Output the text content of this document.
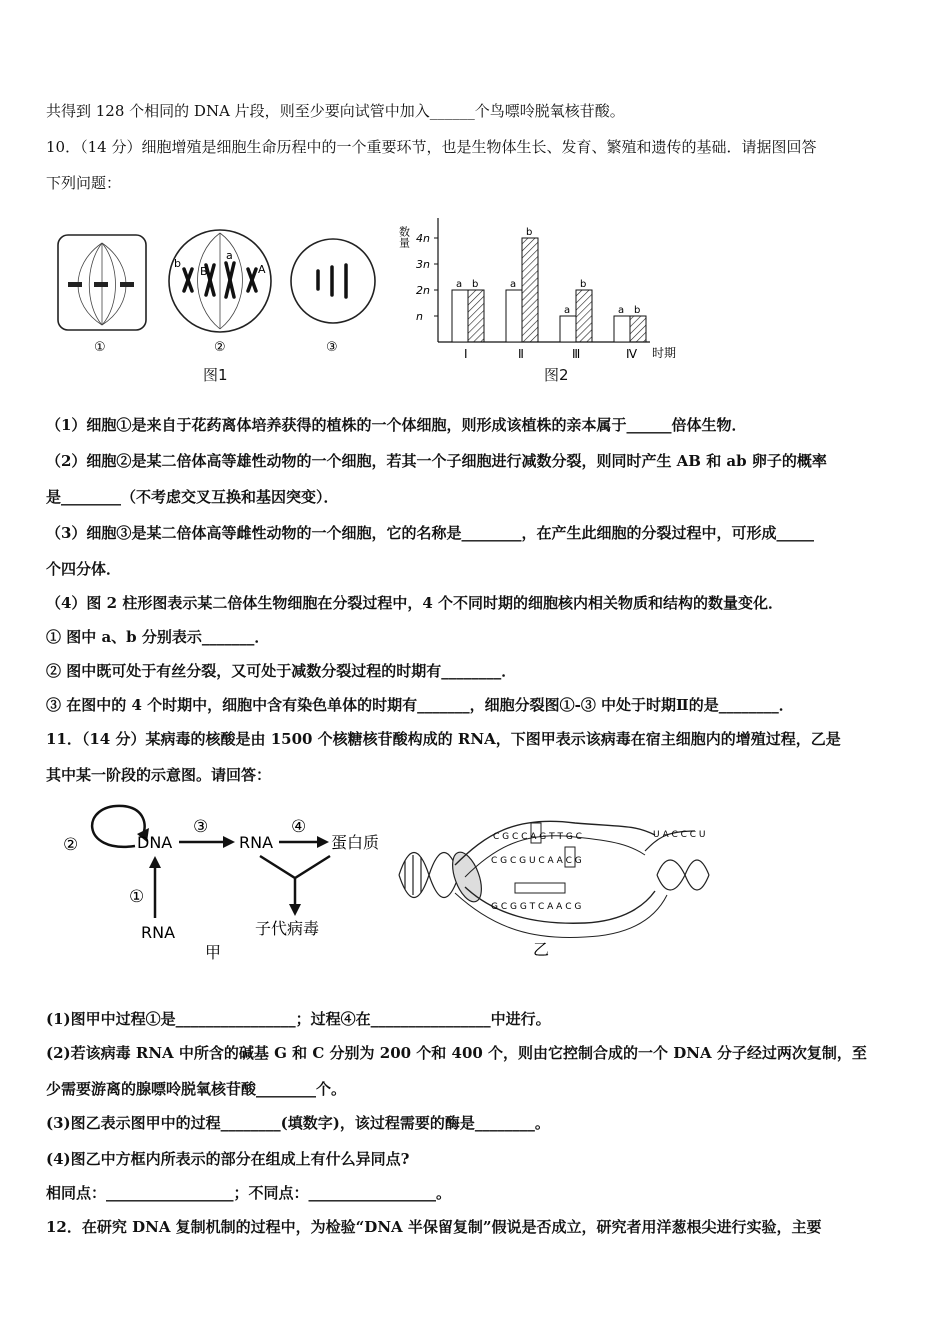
共得到 128 个相同的 DNA 片段，则至少要向试管中加入______个鸟嘌呤脱氧核苷酸。
10．（14 分）细胞增殖是细胞生命历程中的一个重要环节，也是生物体生长、发育、繁殖和遗传的基础．请据图回答
下列问题：
①
b
B
a
A
②	③
图1
数量
时期
n
2n
3n
4n
a b
Ⅰ
a
b
Ⅱ
a
b
Ⅲ
a b
Ⅳ
图2
（1）细胞①是来自于花药离体培养获得的植株的一个体细胞，则形成该植株的亲本属于______倍体生物．
（2）细胞②是某二倍体高等雄性动物的一个细胞，若其一个子细胞进行减数分裂，则同时产生 AB 和 ab 卵子的概率
是________（不考虑交叉互换和基因突变）．
（3）细胞③是某二倍体高等雌性动物的一个细胞，它的名称是________，在产生此细胞的分裂过程中，可形成_____
个四分体．
（4）图 2 柱形图表示某二倍体生物细胞在分裂过程中，4 个不同时期的细胞核内相关物质和结构的数量变化．
① 图中 a、b 分别表示_______．
② 图中既可处于有丝分裂，又可处于减数分裂过程的时期有________．
③ 在图中的 4 个时期中，细胞中含有染色单体的时期有_______，细胞分裂图①-③ 中处于时期Ⅱ的是________．
11．（14 分）某病毒的核酸是由 1500 个核糖核苷酸构成的 RNA，下图甲表示该病毒在宿主细胞内的增殖过程，乙是
其中某一阶段的示意图。请回答：
②	DNA
③
RNA
④
蛋白质
子代病毒
①
RNA
甲
U A C C C U
C G C C A G T T G C
C G C G U C A A C G
G C G G T C A A C G
乙
(1)图甲中过程①是________________；过程④在________________中进行。
(2)若该病毒 RNA 中所含的碱基 G 和 C 分别为 200 个和 400 个，则由它控制合成的一个 DNA 分子经过两次复制，至
少需要游离的腺嘌呤脱氧核苷酸________个。
(3)图乙表示图甲中的过程________(填数字)，该过程需要的酶是________。
(4)图乙中方框内所表示的部分在组成上有什么异同点?
相同点：_________________；不同点：_________________。
12．在研究 DNA 复制机制的过程中，为检验“DNA 半保留复制”假说是否成立，研究者用洋葱根尖进行实验，主要
